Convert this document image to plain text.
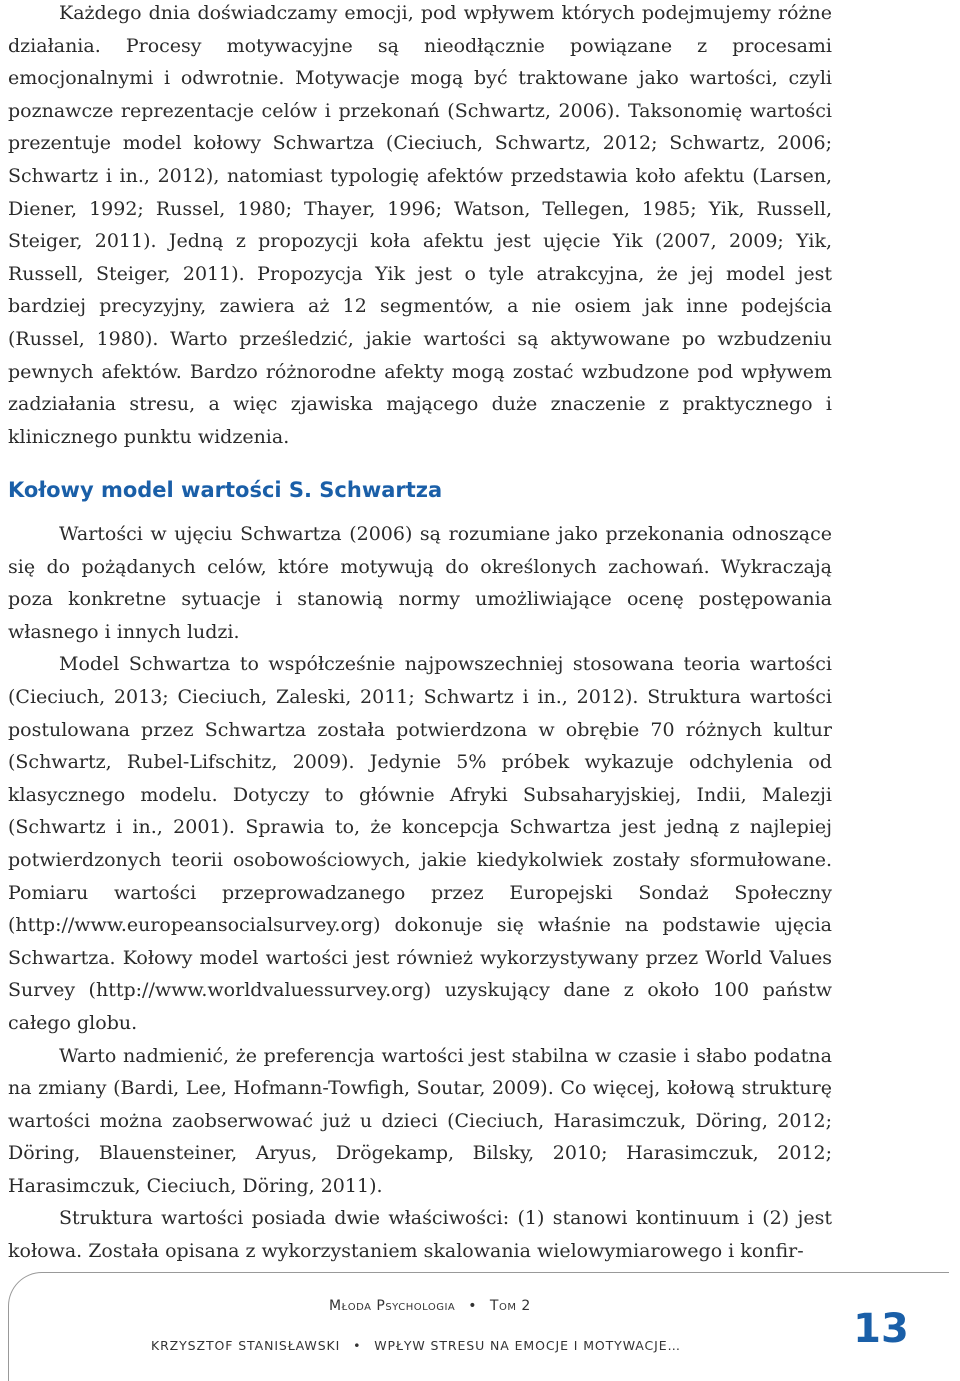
Każdego dnia doświadczamy emocji, pod wpływem których podejmujemy różne działania. Procesy motywacyjne są nieodłącznie powiązane z procesami emocjonalnymi i odwrotnie. Motywacje mogą być traktowane jako wartości, czyli poznawcze reprezentacje celów i przekonań (Schwartz, 2006). Taksonomię wartości prezentuje model kołowy Schwartza (Cieciuch, Schwartz, 2012; Schwartz, 2006; Schwartz i in., 2012), natomiast typologię afektów przedstawia koło afektu (Larsen, Diener, 1992; Russel, 1980; Thayer, 1996; Watson, Tellegen, 1985; Yik, Russell, Steiger, 2011). Jedną z propozycji koła afektu jest ujęcie Yik (2007, 2009; Yik, Russell, Steiger, 2011). Propozycja Yik jest o tyle atrakcyjna, że jej model jest bardziej precyzyjny, zawiera aż 12 segmentów, a nie osiem jak inne podejścia (Russel, 1980). Warto prześledzić, jakie wartości są aktywowane po wzbudzeniu pewnych afektów. Bardzo różnorodne afekty mogą zostać wzbudzone pod wpływem zadziałania stresu, a więc zjawiska mającego duże znaczenie z praktycznego i klinicznego punktu widzenia.

Kołowy model wartości S. Schwartza

Wartości w ujęciu Schwartza (2006) są rozumiane jako przekonania odnoszące się do pożądanych celów, które motywują do określonych zachowań. Wykraczają poza konkretne sytuacje i stanowią normy umożliwiające ocenę postępowania własnego i innych ludzi.

Model Schwartza to współcześnie najpowszechniej stosowana teoria wartości (Cieciuch, 2013; Cieciuch, Zaleski, 2011; Schwartz i in., 2012). Struktura wartości postulowana przez Schwartza została potwierdzona w obrębie 70 różnych kultur (Schwartz, Rubel-Lifschitz, 2009). Jedynie 5% próbek wykazuje odchylenia od klasycznego modelu. Dotyczy to głównie Afryki Subsaharyjskiej, Indii, Malezji (Schwartz i in., 2001). Sprawia to, że koncepcja Schwartza jest jedną z najlepiej potwierdzonych teorii osobowościowych, jakie kiedykolwiek zostały sformułowane. Pomiaru wartości przeprowadzanego przez Europejski Sondaż Społeczny (http://www.europeansocialsurvey.org) dokonuje się właśnie na podstawie ujęcia Schwartza. Kołowy model wartości jest również wykorzystywany przez World Values Survey (http://www.worldvaluessurvey.org) uzyskujący dane z około 100 państw całego globu.

Warto nadmienić, że preferencja wartości jest stabilna w czasie i słabo podatna na zmiany (Bardi, Lee, Hofmann-Towfigh, Soutar, 2009). Co więcej, kołową strukturę wartości można zaobserwować już u dzieci (Cieciuch, Harasimczuk, Döring, 2012; Döring, Blauensteiner, Aryus, Drögekamp, Bilsky, 2010; Harasimczuk, 2012; Harasimczuk, Cieciuch, Döring, 2011).

Struktura wartości posiada dwie właściwości: (1) stanowi kontinuum i (2) jest kołowa. Została opisana z wykorzystaniem skalowania wielowymiarowego i konfir-

Młoda Psychologia • Tom 2
KRZYSZTOF STANISŁAWSKI • WPŁYW STRESU NA EMOCJE I MOTYWACJE…	13
